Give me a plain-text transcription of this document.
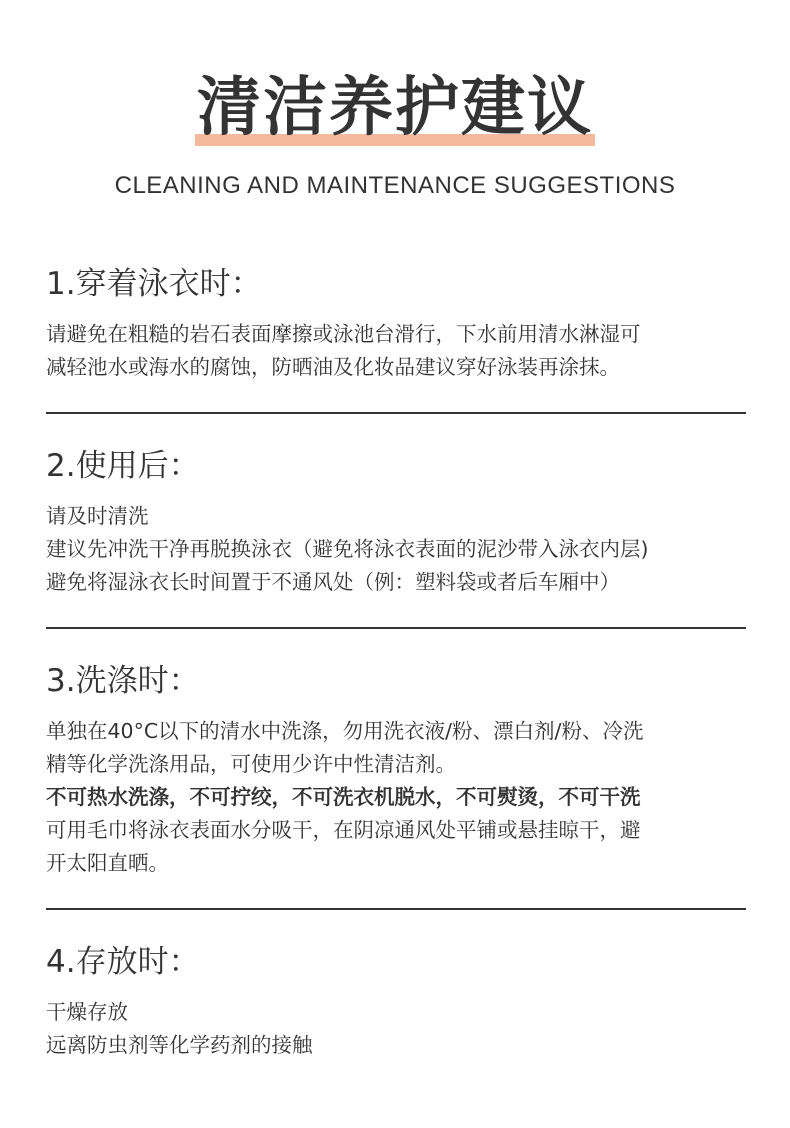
清洁养护建议
CLEANING AND MAINTENANCE SUGGESTIONS
1.穿着泳衣时：

请避免在粗糙的岩石表面摩擦或泳池台滑行，下水前用清水淋湿可

减轻池水或海水的腐蚀，防晒油及化妆品建议穿好泳装再涂抹。

2.使用后：

请及时清洗

建议先冲洗干净再脱换泳衣（避免将泳衣表面的泥沙带入泳衣内层)

避免将湿泳衣长时间置于不通风处（例：塑料袋或者后车厢中）

3.洗涤时：

单独在40°C以下的清水中洗涤，勿用洗衣液/粉、漂白剂/粉、冷洗

精等化学洗涤用品，可使用少许中性清洁剂。

不可热水洗涤，不可拧绞，不可洗衣机脱水，不可熨烫，不可干洗

可用毛巾将泳衣表面水分吸干，在阴凉通风处平铺或悬挂晾干，避

开太阳直晒。

4.存放时：

干燥存放

远离防虫剂等化学药剂的接触
